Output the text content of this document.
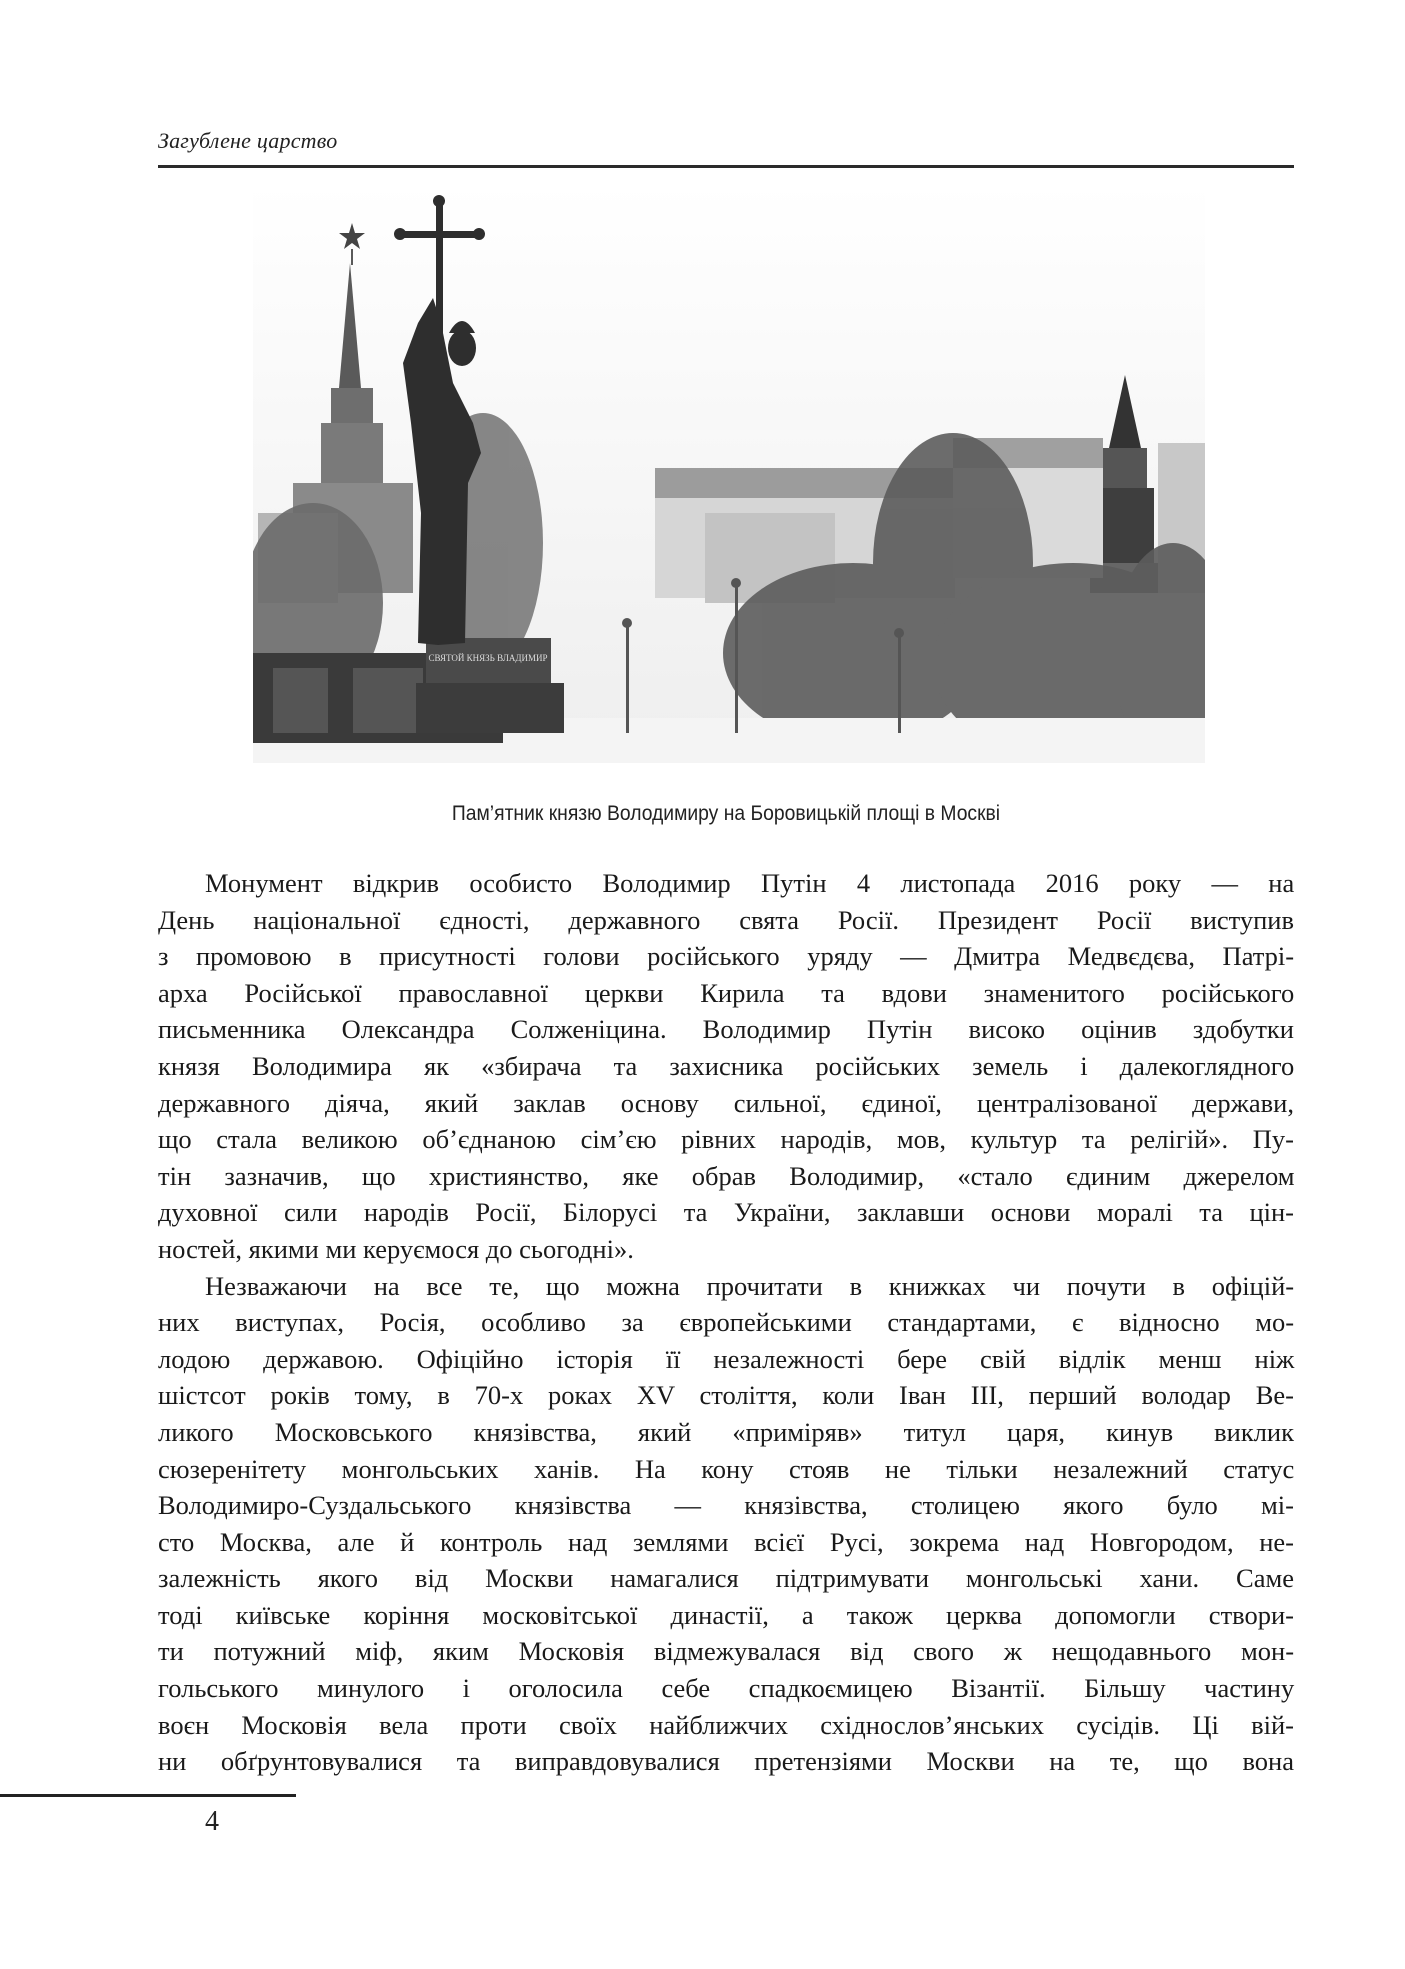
Загублене царство
СВЯТОЙ КНЯЗЬ ВЛАДИМИР
Пам’ятник князю Володимиру на Боровицькій площі в Москві
Монумент відкрив особисто Володимир Путін 4 листопада 2016 року — на
День національної єдності, державного свята Росії. Президент Росії виступив
з промовою в присутності голови російського уряду — Дмитра Медвєдєва, Патрі-
арха Російської православної церкви Кирила та вдови знаменитого російського
письменника Олександра Солженіцина. Володимир Путін високо оцінив здобутки
князя Володимира як «збирача та захисника російських земель і далекоглядного
державного діяча, який заклав основу сильної, єдиної, централізованої держави,
що стала великою об’єднаною сім’єю рівних народів, мов, культур та релігій». Пу-
тін зазначив, що християнство, яке обрав Володимир, «стало єдиним джерелом
духовної сили народів Росії, Білорусі та України, заклавши основи моралі та цін-
ностей, якими ми керуємося до сьогодні».
Незважаючи на все те, що можна прочитати в книжках чи почути в офіцій-
них виступах, Росія, особливо за європейськими стандартами, є відносно мо-
лодою державою. Офіційно історія її незалежності бере свій відлік менш ніж
шістсот років тому, в 70-х роках XV століття, коли Іван III, перший володар Ве-
ликого Московського князівства, який «приміряв» титул царя, кинув виклик
сюзеренітету монгольських ханів. На кону стояв не тільки незалежний статус
Володимиро-Суздальського князівства — князівства, столицею якого було мі-
сто Москва, але й контроль над землями всієї Русі, зокрема над Новгородом, не-
залежність якого від Москви намагалися підтримувати монгольські хани. Саме
тоді київське коріння московітської династії, а також церква допомогли створи-
ти потужний міф, яким Московія відмежувалася від свого ж нещодавнього мон-
гольського минулого і оголосила себе спадкоємицею Візантії. Більшу частину
воєн Московія вела проти своїх найближчих східнослов’янських сусідів. Ці вій-
ни обґрунтовувалися та виправдовувалися претензіями Москви на те, що вона
4
